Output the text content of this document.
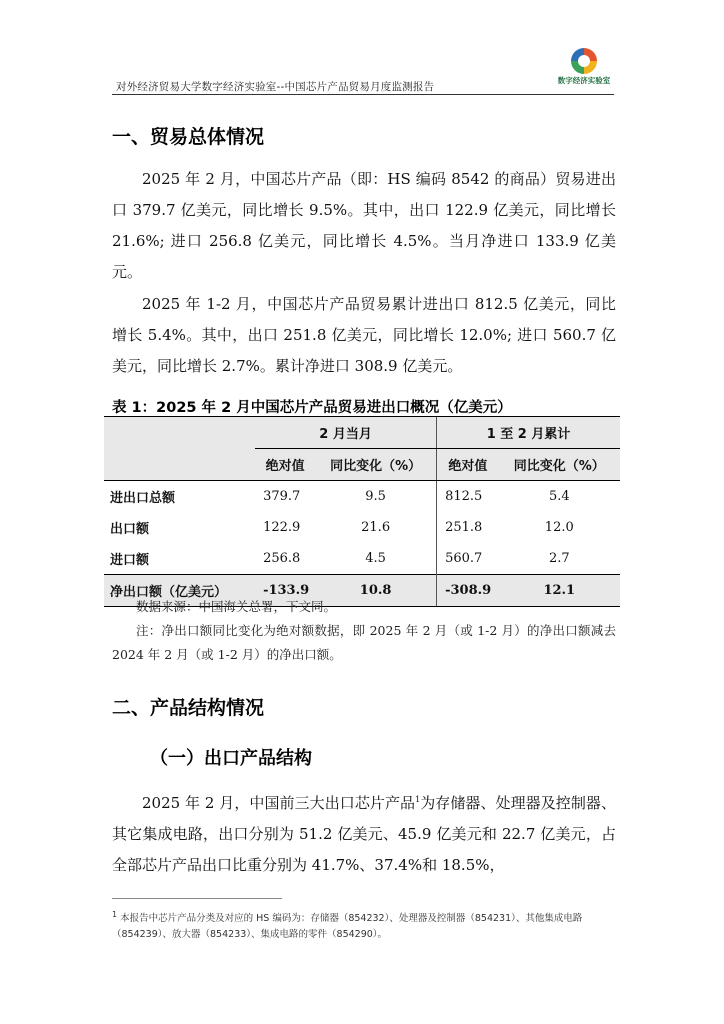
对外经济贸易大学数字经济实验室--中国芯片产品贸易月度监测报告
数字经济实验室
一、贸易总体情况

2025 年 2 月，中国芯片产品（即：HS 编码 8542 的商品）贸易进出口 379.7 亿美元，同比增长 9.5%。其中，出口 122.9 亿美元，同比增长 21.6%; 进口 256.8 亿美元，同比增长 4.5%。当月净进口 133.9 亿美元。

2025 年 1-2 月，中国芯片产品贸易累计进出口 812.5 亿美元，同比增长 5.4%。其中，出口 251.8 亿美元，同比增长 12.0%; 进口 560.7 亿美元，同比增长 2.7%。累计净进口 308.9 亿美元。

表 1：2025 年 2 月中国芯片产品贸易进出口概况（亿美元）
	2 月当月		1 至 2 月累计	
	绝对值	同比变化（%）	绝对值	同比变化（%）
进出口总额	379.7	9.5	812.5	5.4
出口额	122.9	21.6	251.8	12.0
进口额	256.8	4.5	560.7	2.7
净出口额（亿美元）	-133.9	10.8	-308.9	12.1
数据来源：中国海关总署，下文同。
注：净出口额同比变化为绝对额数据，即 2025 年 2 月（或 1-2 月）的净出口额减去 2024 年 2 月（或 1-2 月）的净出口额。
二、产品结构情况
（一）出口产品结构

2025 年 2 月，中国前三大出口芯片产品$^1$为存储器、处理器及控制器、其它集成电路，出口分别为 51.2 亿美元、45.9 亿美元和 22.7 亿美元，占全部芯片产品出口比重分别为 41.7%、37.4%和 18.5%，

$^1$ 本报告中芯片产品分类及对应的 HS 编码为：存储器（854232）、处理器及控制器（854231）、其他集成电路（854239）、放大器（854233）、集成电路的零件（854290）。
